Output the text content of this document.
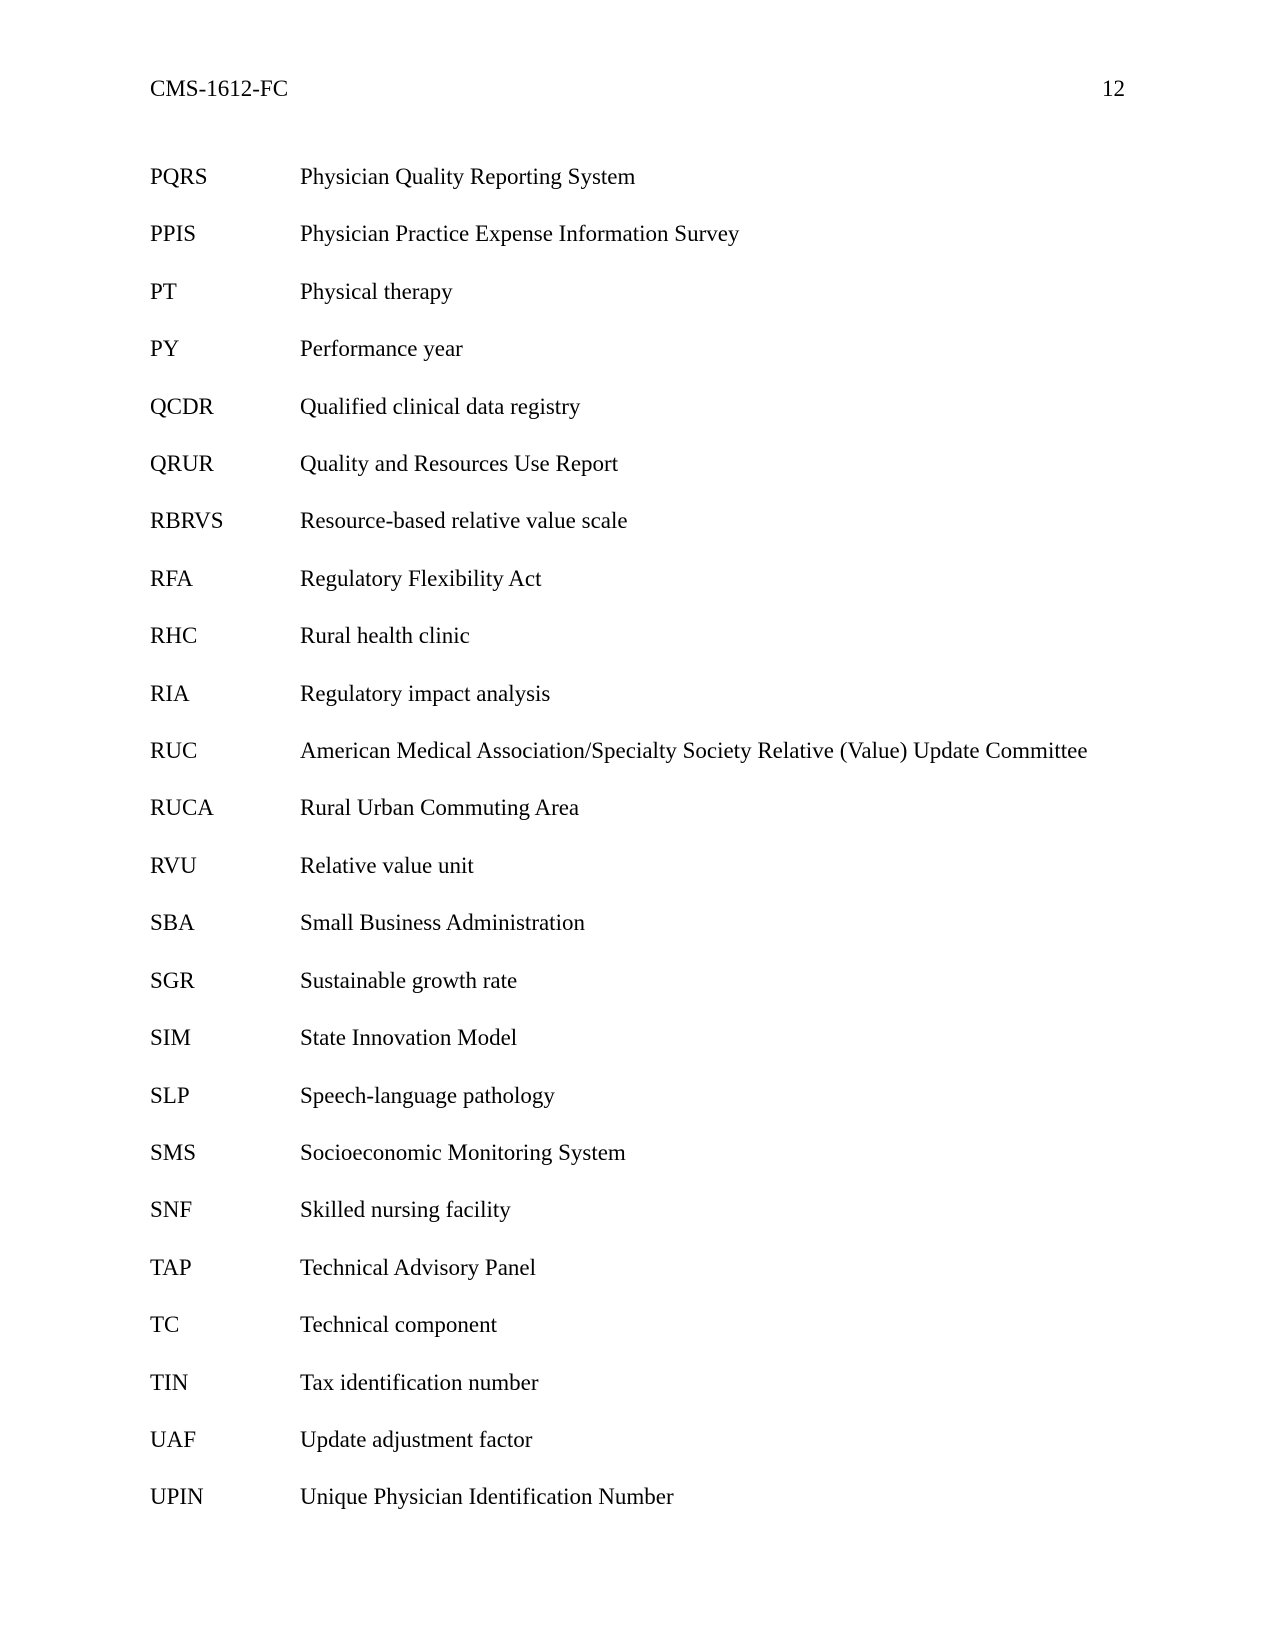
CMS-1612-FC	12
PQRS	Physician Quality Reporting System
PPIS	Physician Practice Expense Information Survey
PT	Physical therapy
PY	Performance year
QCDR	Qualified clinical data registry
QRUR	Quality and Resources Use Report
RBRVS	Resource-based relative value scale
RFA	Regulatory Flexibility Act
RHC	Rural health clinic
RIA	Regulatory impact analysis
RUC	American Medical Association/Specialty Society Relative (Value) Update Committee
RUCA	Rural Urban Commuting Area
RVU	Relative value unit
SBA	Small Business Administration
SGR	Sustainable growth rate
SIM	State Innovation Model
SLP	Speech-language pathology
SMS	Socioeconomic Monitoring System
SNF	Skilled nursing facility
TAP	Technical Advisory Panel
TC	Technical component
TIN	Tax identification number
UAF	Update adjustment factor
UPIN	Unique Physician Identification Number
